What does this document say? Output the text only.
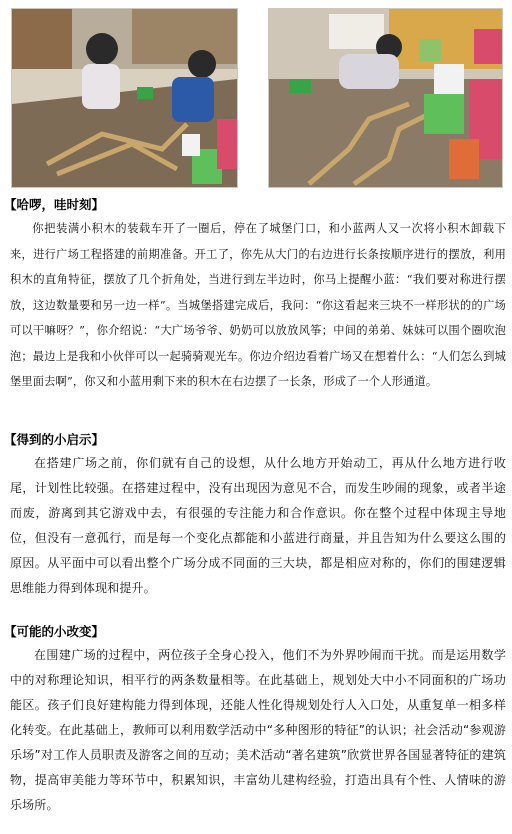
【哈啰，哇时刻】

你把装满小积木的装载车开了一圈后，停在了城堡门口，和小蓝两人又一次将小积木卸载下来，进行广场工程搭建的前期准备。开工了，你先从大门的右边进行长条按顺序进行的摆放，利用积木的直角特征，摆放了几个折角处，当进行到左半边时，你马上提醒小蓝：“我们要对称进行摆放，这边数量要和另一边一样”。当城堡搭建完成后，我问：“你这看起来三块不一样形状的的广场可以干嘛呀？”，你介绍说：“大广场爷爷、奶奶可以放放风筝；中间的弟弟、妹妹可以围个圈吹泡泡；最边上是我和小伙伴可以一起骑骑观光车。你边介绍边看着广场又在想着什么：“人们怎么到城堡里面去啊”，你又和小蓝用剩下来的积木在右边摆了一长条，形成了一个人形通道。

【得到的小启示】

在搭建广场之前，你们就有自己的设想，从什么地方开始动工，再从什么地方进行收尾，计划性比较强。在搭建过程中，没有出现因为意见不合，而发生吵闹的现象，或者半途而废，游离到其它游戏中去，有很强的专注能力和合作意识。你在整个过程中体现主导地位，但没有一意孤行，而是每一个变化点都能和小蓝进行商量，并且告知为什么要这么围的原因。从平面中可以看出整个广场分成不同面的三大块，都是相应对称的，你们的围建逻辑思维能力得到体现和提升。

【可能的小改变】

在围建广场的过程中，两位孩子全身心投入，他们不为外界吵闹而干扰。而是运用数学中的对称理论知识，相平行的两条数量相等。在此基础上，规划处大中小不同面积的广场功能区。孩子们良好建构能力得到体现，还能人性化得规划处行人入口处，从重复单一相多样化转变。在此基础上，教师可以利用数学活动中“多种图形的特征”的认识；社会活动“参观游乐场”对工作人员职责及游客之间的互动；美术活动“著名建筑”欣赏世界各国显著特征的建筑物，提高审美能力等环节中，积累知识，丰富幼儿建构经验，打造出具有个性、人情味的游乐场所。
